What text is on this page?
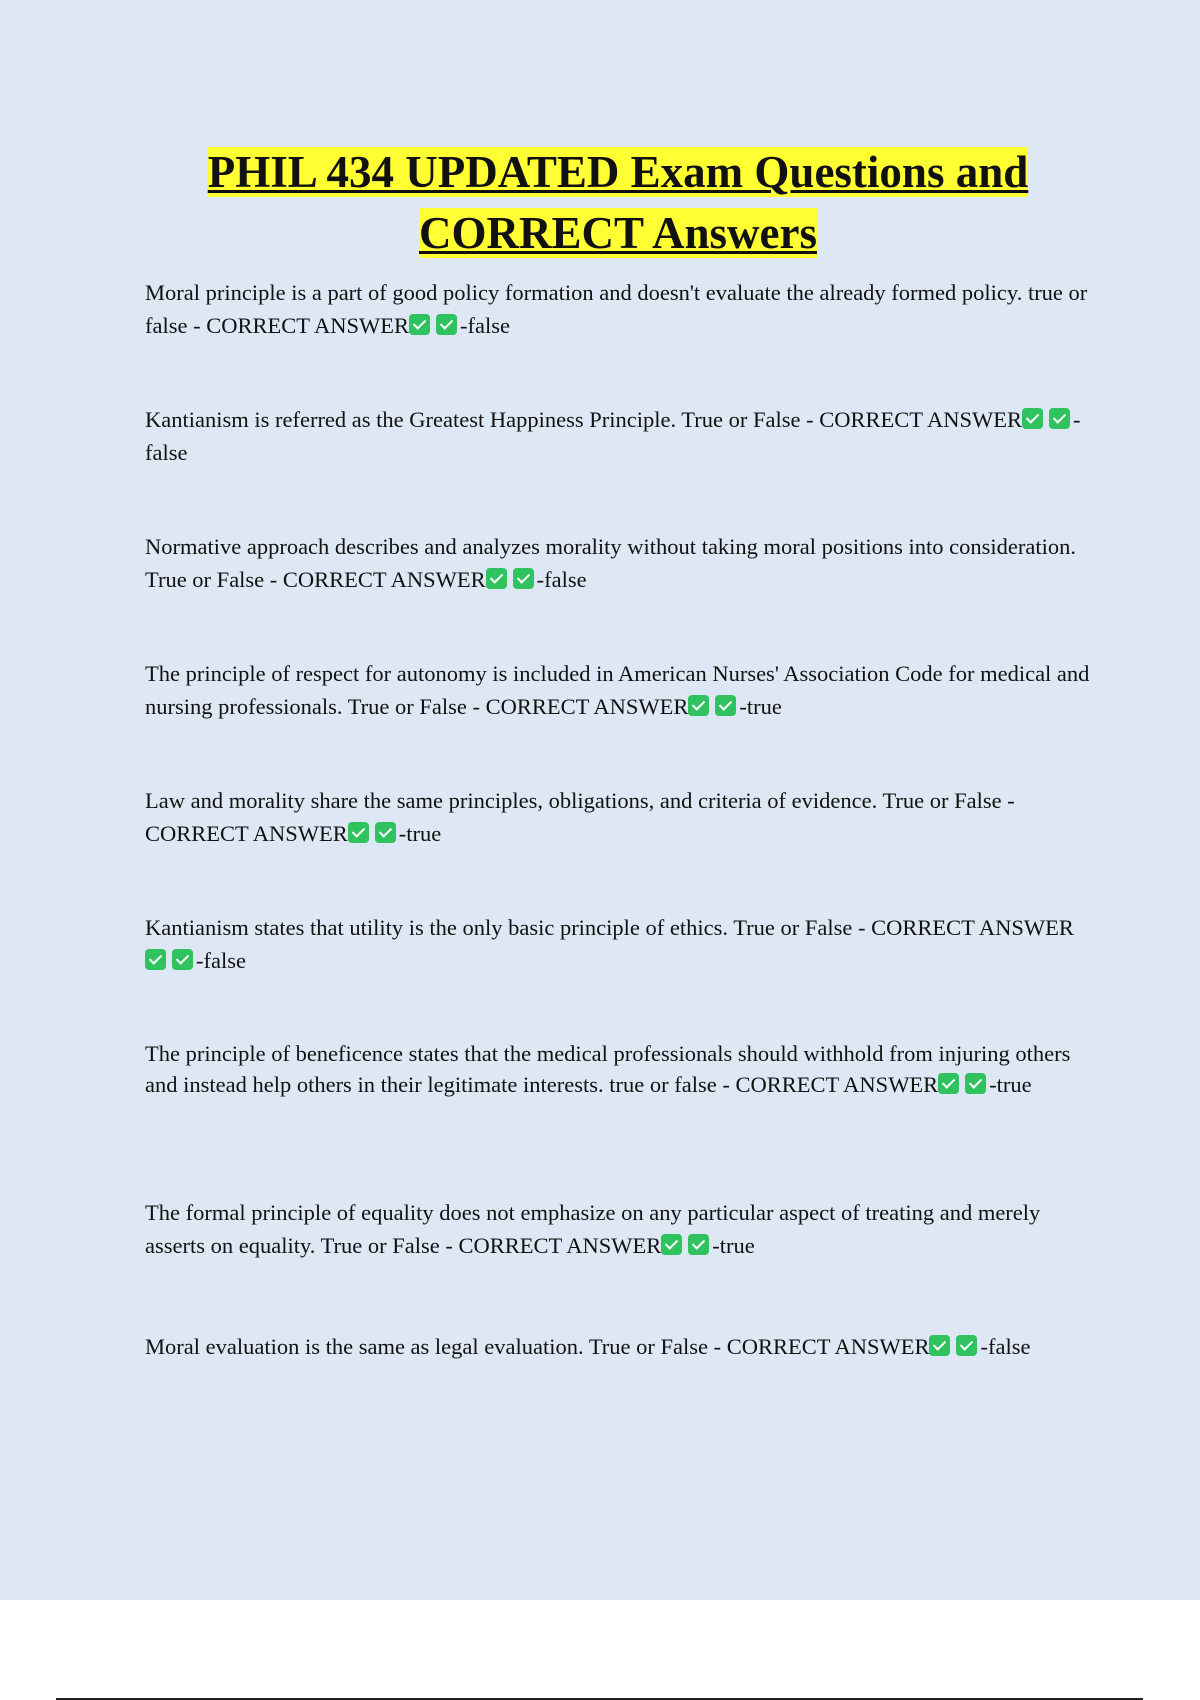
PHIL 434 UPDATED Exam Questions and CORRECT Answers

Moral principle is a part of good policy formation and doesn't evaluate the already formed policy. true or false - CORRECT ANSWER -false

Kantianism is referred as the Greatest Happiness Principle. True or False - CORRECT ANSWER -false

Normative approach describes and analyzes morality without taking moral positions into consideration. True or False - CORRECT ANSWER -false

The principle of respect for autonomy is included in American Nurses' Association Code for medical and nursing professionals. True or False - CORRECT ANSWER -true

Law and morality share the same principles, obligations, and criteria of evidence. True or False - CORRECT ANSWER -true

Kantianism states that utility is the only basic principle of ethics. True or False - CORRECT ANSWER-false

The principle of beneficence states that the medical professionals should withhold from injuring others and instead help others in their legitimate interests. true or false - CORRECT ANSWER -true

The formal principle of equality does not emphasize on any particular aspect of treating and merely asserts on equality. True or False - CORRECT ANSWER -true

Moral evaluation is the same as legal evaluation. True or False - CORRECT ANSWER -false
